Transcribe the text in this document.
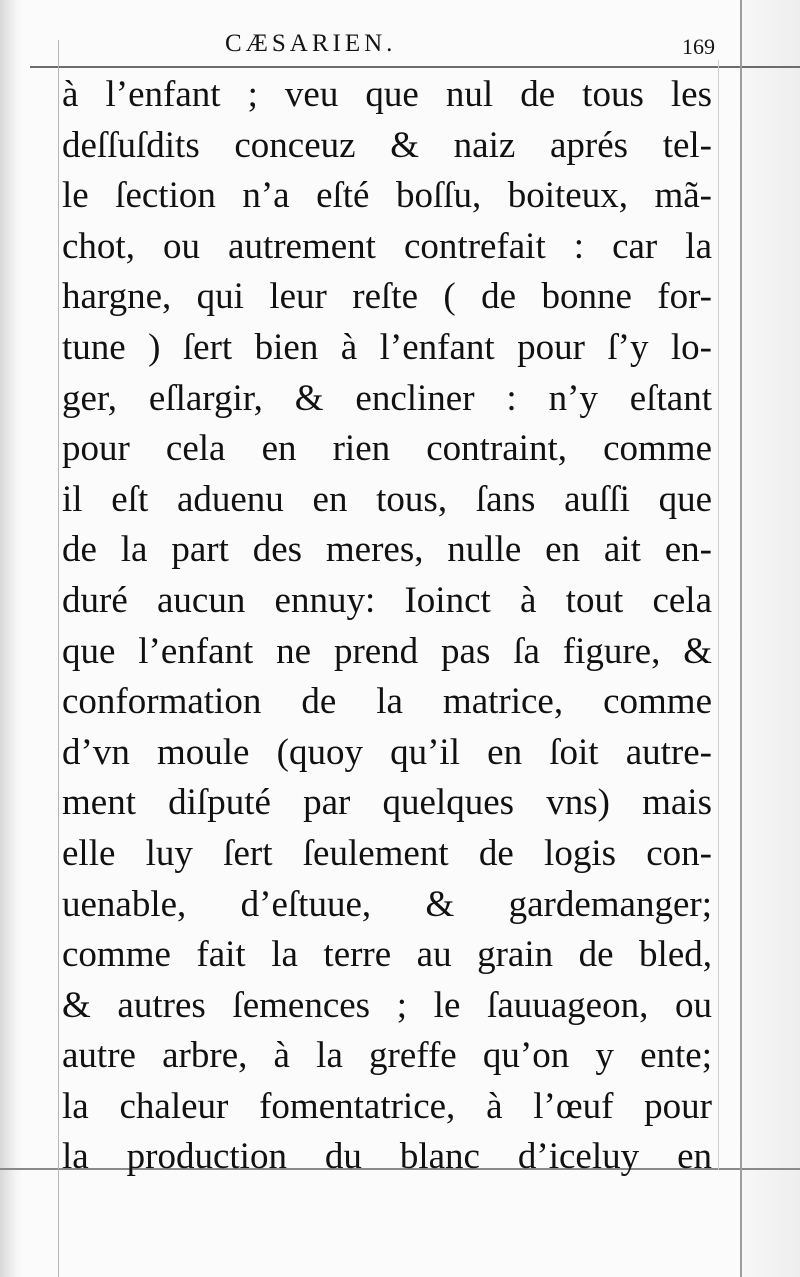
CÆSARIEN.	169
à l’enfant ; veu que nul de tous les
deſſuſdits conceuz & naiz aprés tel-
le ſection n’a eſté boſſu, boiteux, mã-
chot, ou autrement contrefait : car la
hargne, qui leur reſte ( de bonne for-
tune ) ſert bien à l’enfant pour ſ’y lo-
ger, eſlargir, & encliner : n’y eſtant
pour cela en rien contraint, comme
il eſt aduenu en tous, ſans auſſi que
de la part des meres, nulle en ait en-
duré aucun ennuy: Ioinct à tout cela
que l’enfant ne prend pas ſa figure, &
conformation de la matrice, comme
d’vn moule (quoy qu’il en ſoit autre-
ment diſputé par quelques vns) mais
elle luy ſert ſeulement de logis con-
uenable, d’eſtuue, & gardemanger;
comme fait la terre au grain de bled,
& autres ſemences ; le ſauuageon, ou
autre arbre, à la greffe qu’on y ente;
la chaleur fomentatrice, à l’œuf pour
la production du blanc d’iceluy en
